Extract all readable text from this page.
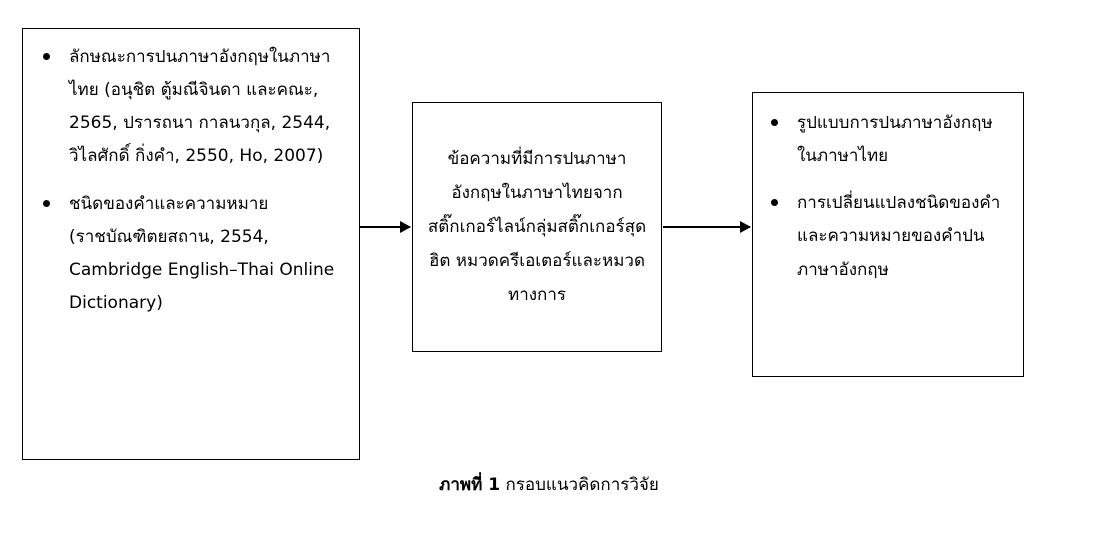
ลักษณะการปนภาษาอังกฤษในภาษาไทย (อนุชิต ตู้มณีจินดา และคณะ, 2565, ปรารถนา กาลนวกุล, 2544, วิไลศักดิ์ กิ่งคำ, 2550, Ho, 2007)
ชนิดของคำและความหมาย (ราชบัณฑิตยสถาน, 2554, Cambridge English–Thai Online Dictionary)
ข้อความที่มีการปนภาษาอังกฤษในภาษาไทยจากสติ๊กเกอร์ไลน์กลุ่มสติ๊กเกอร์สุดฮิต หมวดครีเอเตอร์และหมวดทางการ
รูปแบบการปนภาษาอังกฤษในภาษาไทย
การเปลี่ยนแปลงชนิดของคำและความหมายของคำปนภาษาอังกฤษ
ภาพที่ 1 กรอบแนวคิดการวิจัย
